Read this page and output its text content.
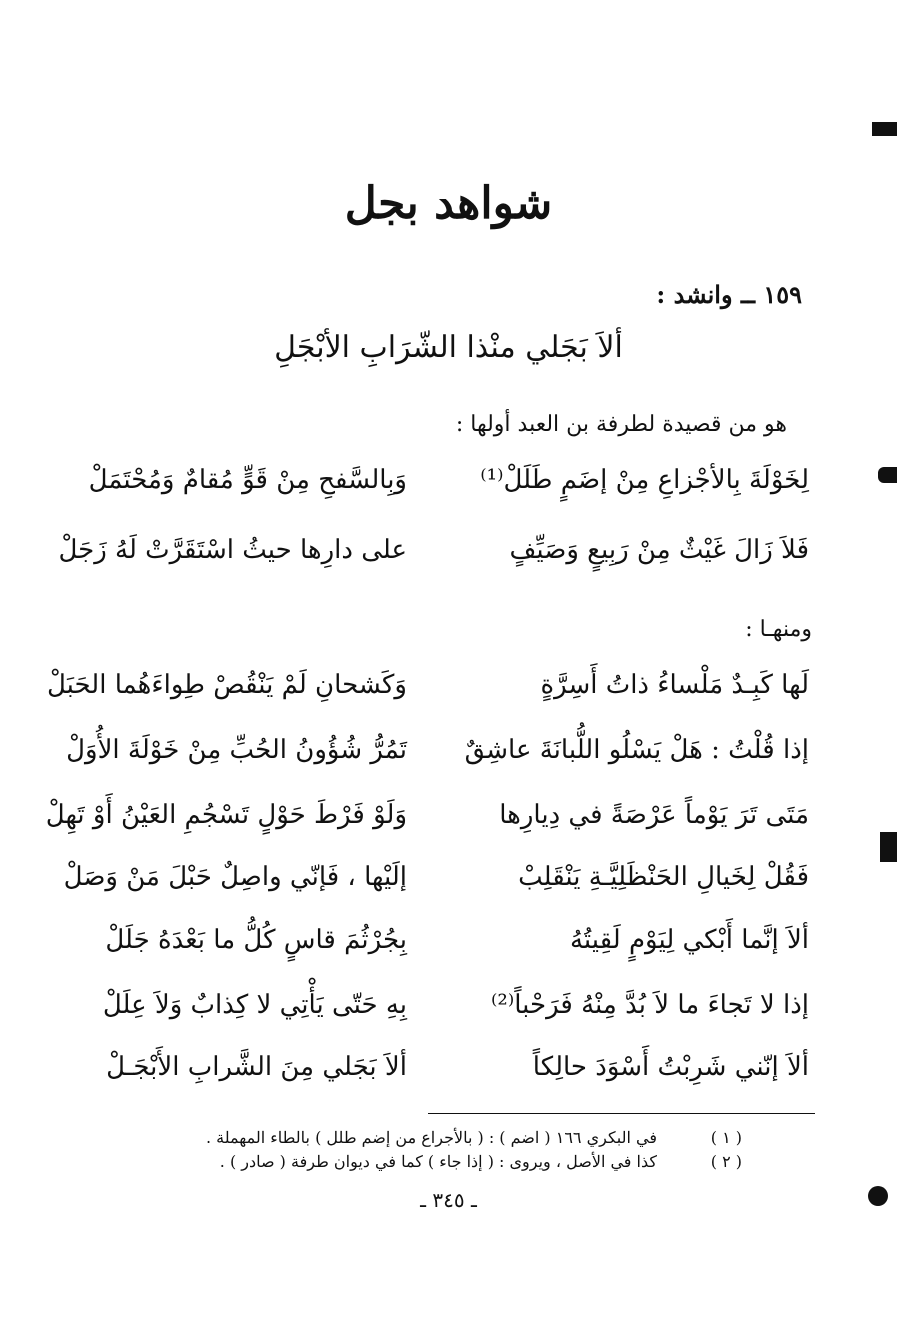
شواهد بجل
١٥٩ ــ وانشد :
ألاَ بَجَلي منْذا الشّرَابِ الأبْجَلِ
هو من قصيدة لطرفة بن العبد أولها :
لِخَوْلَةَ بِالأجْزاعِ مِنْ إضَمٍ طَلَلْ⁽¹⁾
وَبِالسَّفحِ مِنْ قَوٍّ مُقامٌ وَمُحْتَمَلْ
فَلاَ زَالَ غَيْثٌ مِنْ رَبِيعٍ وَصَيِّفٍ
على دارِها حيثُ اسْتَقَرَّتْ لَهُ زَجَلْ
ومنهـا :
لَها كَبِـدٌ مَلْساءُ ذاتُ أَسِرَّةٍ
وَكَشحانِ لَمْ يَنْقُصْ طِواءَهُما الحَبَلْ
إذا قُلْتُ : هَلْ يَسْلُو اللُّبانَةَ عاشِقٌ
تَمُرُّ شُؤُونُ الحُبِّ مِنْ خَوْلَةَ الأُوَلْ
مَتَى تَرَ يَوْماً عَرْصَةً في دِيارِها
وَلَوْ فَرْطَ حَوْلٍ تَسْجُمِ العَيْنُ أَوْ تَهِلْ
فَقُلْ لِخَيالِ الحَنْظَلِيَّـةِ يَنْقَلِبْ
إلَيْها ، فَإنّي واصِلٌ حَبْلَ مَنْ وَصَلْ
ألاَ إنَّما أَبْكي لِيَوْمٍ لَقِيتُهُ
بِجُرْثُمَ قاسٍ كُلُّ ما بَعْدَهُ جَلَلْ
إذا لا تَجاءَ ما لاَ بُدَّ مِنْهُ فَرَحْباً⁽²⁾
بِهِ حَتّى يَأْتِي لا كِذابٌ وَلاَ عِلَلْ
ألاَ إنّني شَرِبْتُ أَسْوَدَ حالِكاً
ألاَ بَجَلي مِنَ الشَّرابِ الأَبْجَـلْ
( ١ )
في البكري ١٦٦ ( اضم ) : ( بالأجراع من إضم طلل ) بالطاء المهملة .
( ٢ )
كذا في الأصل ، ويروى : ( إذا جاء ) كما في ديوان طرفة ( صادر ) .
ـ ٣٤٥ ـ
